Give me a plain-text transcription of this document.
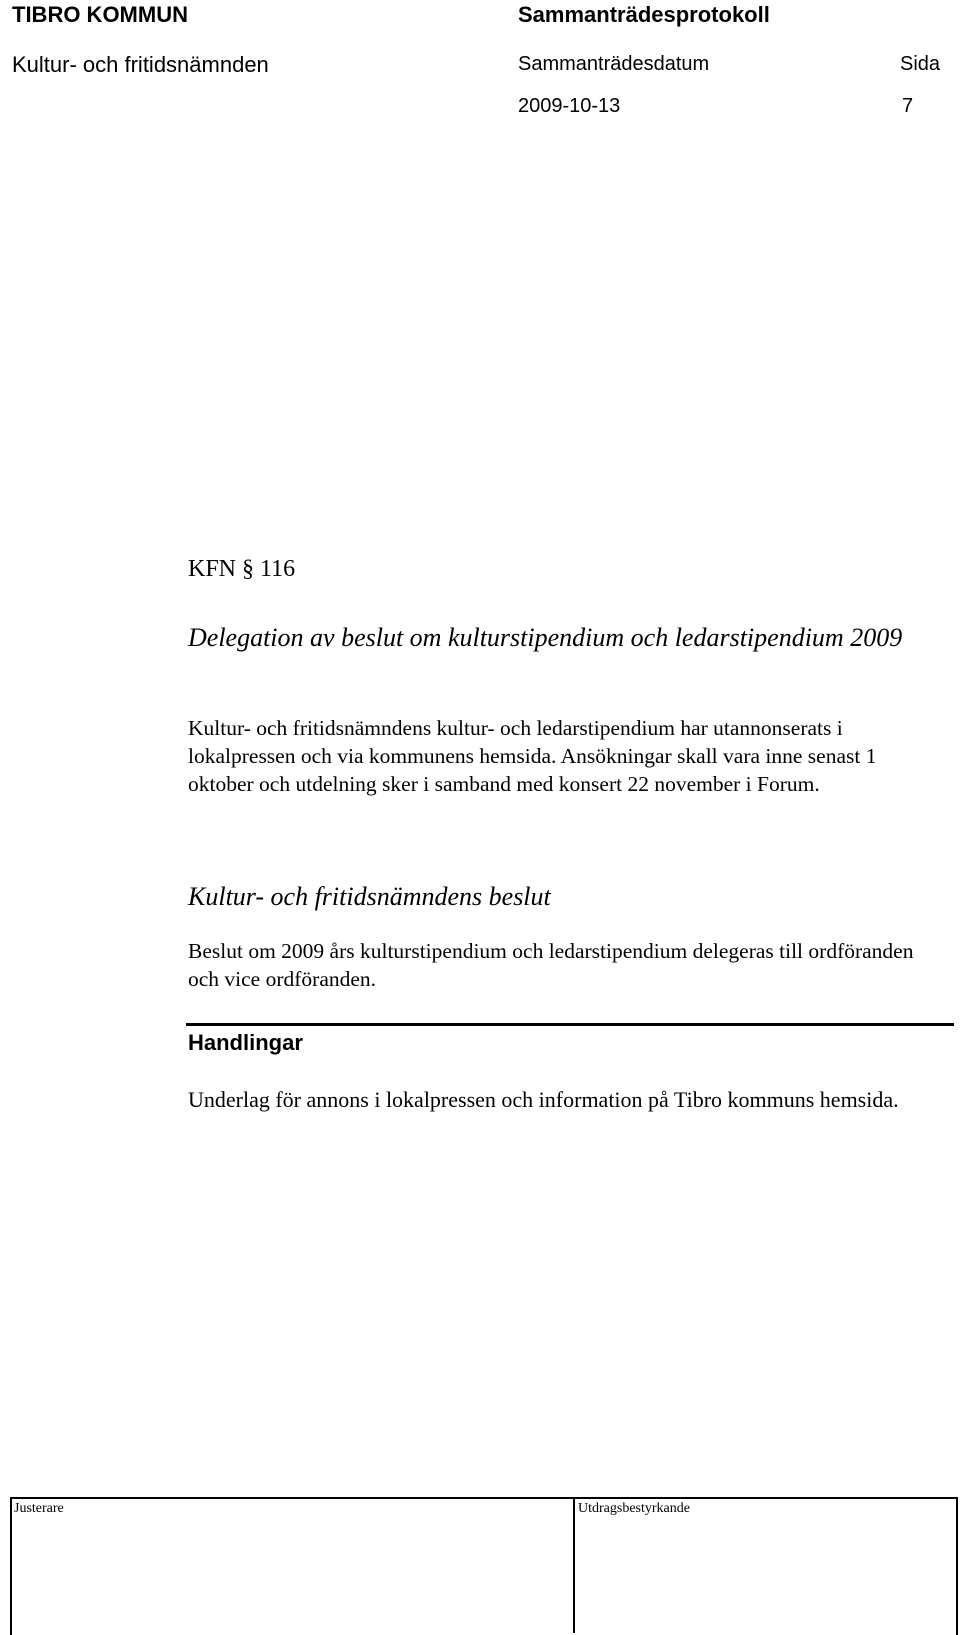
TIBRO KOMMUN	Sammanträdesprotokoll
Kultur- och fritidsnämnden	Sammanträdesdatum	Sida
2009-10-13	7
KFN § 116
Delegation av beslut om kulturstipendium och ledarstipendium 2009
Kultur- och fritidsnämndens kultur- och ledarstipendium har utannonserats i lokalpressen och via kommunens hemsida. Ansökningar skall vara inne senast 1 oktober och utdelning sker i samband med konsert 22 november i Forum.
Kultur- och fritidsnämndens beslut
Beslut om 2009 års kulturstipendium och ledarstipendium delegeras till ordföranden och vice ordföranden.
Handlingar
Underlag för annons i lokalpressen och information på Tibro kommuns hemsida.
Justerare	Utdragsbestyrkande
